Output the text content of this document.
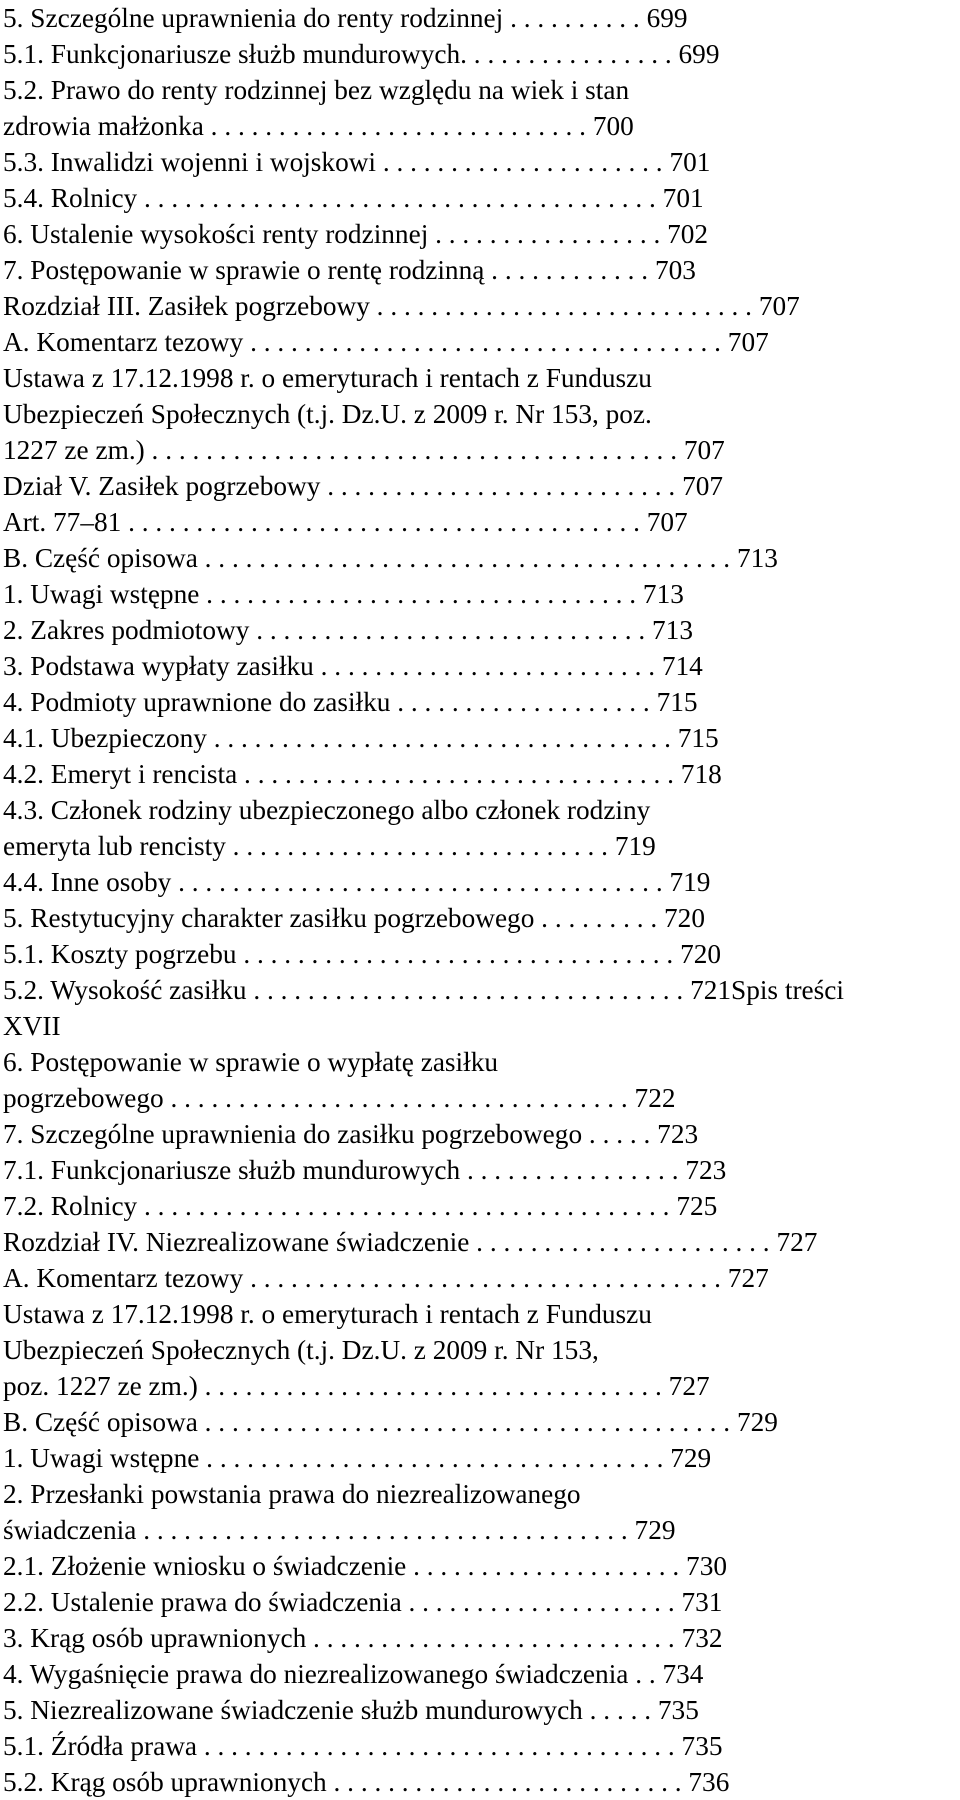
5. Szczególne uprawnienia do renty rodzinnej . . . . . . . . . . 699
5.1. Funkcjonariusze służb mundurowych. . . . . . . . . . . . . . . . 699
5.2. Prawo do renty rodzinnej bez względu na wiek i stan
zdrowia małżonka . . . . . . . . . . . . . . . . . . . . . . . . . . . . 700
5.3. Inwalidzi wojenni i wojskowi . . . . . . . . . . . . . . . . . . . . . 701
5.4. Rolnicy . . . . . . . . . . . . . . . . . . . . . . . . . . . . . . . . . . . . . . 701
6. Ustalenie wysokości renty rodzinnej . . . . . . . . . . . . . . . . . 702
7. Postępowanie w sprawie o rentę rodzinną . . . . . . . . . . . . 703
Rozdział III. Zasiłek pogrzebowy . . . . . . . . . . . . . . . . . . . . . . . . . . . . 707
A. Komentarz tezowy . . . . . . . . . . . . . . . . . . . . . . . . . . . . . . . . . . . 707
Ustawa z 17.12.1998 r. o emeryturach i rentach z Funduszu
Ubezpieczeń Społecznych (t.j. Dz.U. z 2009 r. Nr 153, poz.
1227 ze zm.) . . . . . . . . . . . . . . . . . . . . . . . . . . . . . . . . . . . . . . . 707
Dział V. Zasiłek pogrzebowy . . . . . . . . . . . . . . . . . . . . . . . . . . 707
Art. 77–81 . . . . . . . . . . . . . . . . . . . . . . . . . . . . . . . . . . . . . . 707
B. Część opisowa . . . . . . . . . . . . . . . . . . . . . . . . . . . . . . . . . . . . . . . 713
1. Uwagi wstępne . . . . . . . . . . . . . . . . . . . . . . . . . . . . . . . . 713
2. Zakres podmiotowy . . . . . . . . . . . . . . . . . . . . . . . . . . . . . 713
3. Podstawa wypłaty zasiłku . . . . . . . . . . . . . . . . . . . . . . . . . 714
4. Podmioty uprawnione do zasiłku . . . . . . . . . . . . . . . . . . . 715
4.1. Ubezpieczony . . . . . . . . . . . . . . . . . . . . . . . . . . . . . . . . . . 715
4.2. Emeryt i rencista . . . . . . . . . . . . . . . . . . . . . . . . . . . . . . . . 718
4.3. Członek rodziny ubezpieczonego albo członek rodziny
emeryta lub rencisty . . . . . . . . . . . . . . . . . . . . . . . . . . . . 719
4.4. Inne osoby . . . . . . . . . . . . . . . . . . . . . . . . . . . . . . . . . . . . 719
5. Restytucyjny charakter zasiłku pogrzebowego . . . . . . . . . 720
5.1. Koszty pogrzebu . . . . . . . . . . . . . . . . . . . . . . . . . . . . . . . . 720
5.2. Wysokość zasiłku . . . . . . . . . . . . . . . . . . . . . . . . . . . . . . . . 721Spis treści
XVII
6. Postępowanie w sprawie o wypłatę zasiłku
pogrzebowego . . . . . . . . . . . . . . . . . . . . . . . . . . . . . . . . . . 722
7. Szczególne uprawnienia do zasiłku pogrzebowego . . . . . 723
7.1. Funkcjonariusze służb mundurowych . . . . . . . . . . . . . . . . 723
7.2. Rolnicy . . . . . . . . . . . . . . . . . . . . . . . . . . . . . . . . . . . . . . . 725
Rozdział IV. Niezrealizowane świadczenie . . . . . . . . . . . . . . . . . . . . . . 727
A. Komentarz tezowy . . . . . . . . . . . . . . . . . . . . . . . . . . . . . . . . . . . 727
Ustawa z 17.12.1998 r. o emeryturach i rentach z Funduszu
Ubezpieczeń Społecznych (t.j. Dz.U. z 2009 r. Nr 153,
poz. 1227 ze zm.) . . . . . . . . . . . . . . . . . . . . . . . . . . . . . . . . . . 727
B. Część opisowa . . . . . . . . . . . . . . . . . . . . . . . . . . . . . . . . . . . . . . . 729
1. Uwagi wstępne . . . . . . . . . . . . . . . . . . . . . . . . . . . . . . . . . . 729
2. Przesłanki powstania prawa do niezrealizowanego
świadczenia . . . . . . . . . . . . . . . . . . . . . . . . . . . . . . . . . . . . 729
2.1. Złożenie wniosku o świadczenie . . . . . . . . . . . . . . . . . . . . 730
2.2. Ustalenie prawa do świadczenia . . . . . . . . . . . . . . . . . . . . 731
3. Krąg osób uprawnionych . . . . . . . . . . . . . . . . . . . . . . . . . . . 732
4. Wygaśnięcie prawa do niezrealizowanego świadczenia . . 734
5. Niezrealizowane świadczenie służb mundurowych . . . . . 735
5.1. Źródła prawa . . . . . . . . . . . . . . . . . . . . . . . . . . . . . . . . . . . 735
5.2. Krąg osób uprawnionych . . . . . . . . . . . . . . . . . . . . . . . . . . 736
